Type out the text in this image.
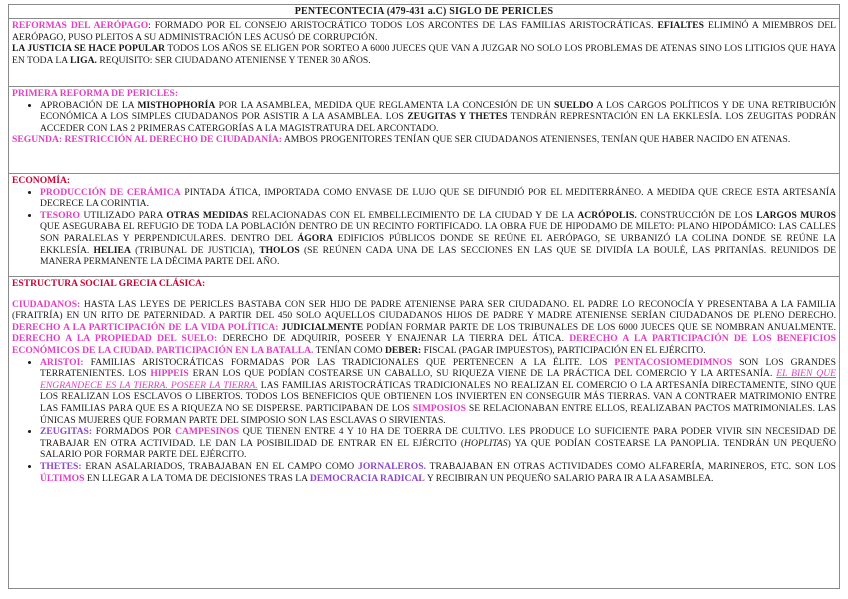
PENTECONTECIA (479-431 a.C) SIGLO DE PERICLES

REFORMAS DEL AERÓPAGO: FORMADO POR EL CONSEJO ARISTOCRÁTICO TODOS LOS ARCONTES DE LAS FAMILIAS ARISTOCRÁTICAS. EFIALTES ELIMINÓ A MIEMBROS DEL AERÓPAGO, PUSO PLEITOS A SU ADMINISTRACIÓN LES ACUSÓ DE CORRUPCIÓN.

LA JUSTICIA SE HACE POPULAR TODOS LOS AÑOS SE ELIGEN POR SORTEO A 6000 JUECES QUE VAN A JUZGAR NO SOLO LOS PROBLEMAS DE ATENAS SINO LOS LITIGIOS QUE HAYA EN TODA LA LIGA. REQUISITO: SER CIUDADANO ATENIENSE Y TENER 30 AÑOS.

PRIMERA REFORMA DE PERICLES:

• APROBACIÓN DE LA MISTHOPHORÍA POR LA ASAMBLEA, MEDIDA QUE REGLAMENTA LA CONCESIÓN DE UN SUELDO A LOS CARGOS POLÍTICOS Y DE UNA RETRIBUCIÓN ECONÓMICA A LOS SIMPLES CIUDADANOS POR ASISTIR A LA ASAMBLEA. LOS ZEUGITAS Y THETES TENDRÁN REPRESNTACIÓN EN LA EKKLESÍA. LOS ZEUGITAS PODRÁN ACCEDER CON LAS 2 PRIMERAS CATERGORÍAS A LA MAGISTRATURA DEL ARCONTADO.

SEGUNDA: RESTRICCIÓN AL DERECHO DE CIUDADANÍA: AMBOS PROGENITORES TENÍAN QUE SER CIUDADANOS ATENIENSES, TENÍAN QUE HABER NACIDO EN ATENAS.

ECONOMÍA:

• PRODUCCIÓN DE CERÁMICA PINTADA ÁTICA, IMPORTADA COMO ENVASE DE LUJO QUE SE DIFUNDIÓ POR EL MEDITERRÁNEO. A MEDIDA QUE CRECE ESTA ARTESANÍA DECRECE LA CORINTIA.
• TESORO UTILIZADO PARA OTRAS MEDIDAS RELACIONADAS CON EL EMBELLECIMIENTO DE LA CIUDAD Y DE LA ACRÓPOLIS. CONSTRUCCIÓN DE LOS LARGOS MUROS QUE ASEGURABA EL REFUGIO DE TODA LA POBLACIÓN DENTRO DE UN RECINTO FORTIFICADO. LA OBRA FUE DE HIPODAMO DE MILETO: PLANO HIPODÁMICO: LAS CALLES SON PARALELAS Y PERPENDICULARES. DENTRO DEL ÁGORA EDIFICIOS PÚBLICOS DONDE SE REÚNE EL AERÓPAGO, SE URBANIZÓ LA COLINA DONDE SE REÚNE LA EKKLESÍA. HELIEA (TRIBUNAL DE JUSTICIA), THOLOS (SE REÚNEN CADA UNA DE LAS SECCIONES EN LAS QUE SE DIVIDÍA LA BOULÉ, LAS PRITANÍAS. REUNIDOS DE MANERA PERMANENTE LA DÉCIMA PARTE DEL AÑO.

ESTRUCTURA SOCIAL GRECIA CLÁSICA:

CIUDADANOS: HASTA LAS LEYES DE PERICLES BASTABA CON SER HIJO DE PADRE ATENIENSE PARA SER CIUDADANO. EL PADRE LO RECONOCÍA Y PRESENTABA A LA FAMILIA (FRAITRÍA) EN UN RITO DE PATERNIDAD. A PARTIR DEL 450 SOLO AQUELLOS CIUDADANOS HIJOS DE PADRE Y MADRE ATENIENSE SERÍAN CIUDADANOS DE PLENO DERECHO. DERECHO A LA PARTICIPACIÓN DE LA VIDA POLÍTICA: JUDICIALMENTE PODÍAN FORMAR PARTE DE LOS TRIBUNALES DE LOS 6000 JUECES QUE SE NOMBRAN ANUALMENTE. DERECHO A LA PROPIEDAD DEL SUELO: DERECHO DE ADQUIRIR, POSEER Y ENAJENAR LA TIERRA DEL ÁTICA. DERECHO A LA PARTICIPACIÓN DE LOS BENEFICIOS ECONÓMICOS DE LA CIUDAD. PARTICIPACIÓN EN LA BATALLA. TENÍAN COMO DEBER: FISCAL (PAGAR IMPUESTOS), PARTICIPACIÓN EN EL EJÉRCITO.

• ARISTOI: FAMILIAS ARISTOCRÁTICAS FORMADAS POR LAS TRADICIONALES QUE PERTENECEN A LA ÉLITE. LOS PENTACOSIOMEDIMNOS SON LOS GRANDES TERRATENIENTES. LOS HIPPEIS ERAN LOS QUE PODÍAN COSTEARSE UN CABALLO, SU RIQUEZA VIENE DE LA PRÁCTICA DEL COMERCIO Y LA ARTESANÍA. EL BIEN QUE ENGRANDECE ES LA TIERRA. POSEER LA TIERRA. LAS FAMILIAS ARISTOCRÁTICAS TRADICIONALES NO REALIZAN EL COMERCIO O LA ARTESANÍA DIRECTAMENTE, SINO QUE LOS REALIZAN LOS ESCLAVOS O LIBERTOS. TODOS LOS BENEFICIOS QUE OBTIENEN LOS INVIERTEN EN CONSEGUIR MÁS TIERRAS. VAN A CONTRAER MATRIMONIO ENTRE LAS FAMILIAS PARA QUE ES A RIQUEZA NO SE DISPERSE. PARTICIPABAN DE LOS SIMPOSIOS SE RELACIONABAN ENTRE ELLOS, REALIZABAN PACTOS MATRIMONIALES. LAS ÚNICAS MUJERES QUE FORMAN PARTE DEL SIMPOSIO SON LAS ESCLAVAS O SIRVIENTAS.
• ZEUGITAS: FORMADOS POR CAMPESINOS QUE TIENEN ENTRE 4 Y 10 HA DE TOERRA DE CULTIVO. LES PRODUCE LO SUFICIENTE PARA PODER VIVIR SIN NECESIDAD DE TRABAJAR EN OTRA ACTIVIDAD. LE DAN LA POSIBILIDAD DE ENTRAR EN EL EJÉRCITO (HOPLITAS) YA QUE PODÍAN COSTEARSE LA PANOPLIA. TENDRÁN UN PEQUEÑO SALARIO POR FORMAR PARTE DEL EJÉRCITO.
• THETES: ERAN ASALARIADOS, TRABAJABAN EN EL CAMPO COMO JORNALEROS. TRABAJABAN EN OTRAS ACTIVIDADES COMO ALFARERÍA, MARINEROS, ETC. SON LOS ÚLTIMOS EN LLEGAR A LA TOMA DE DECISIONES TRAS LA DEMOCRACIA RADICAL Y RECIBIRAN UN PEQUEÑO SALARIO PARA IR A LA ASAMBLEA.
